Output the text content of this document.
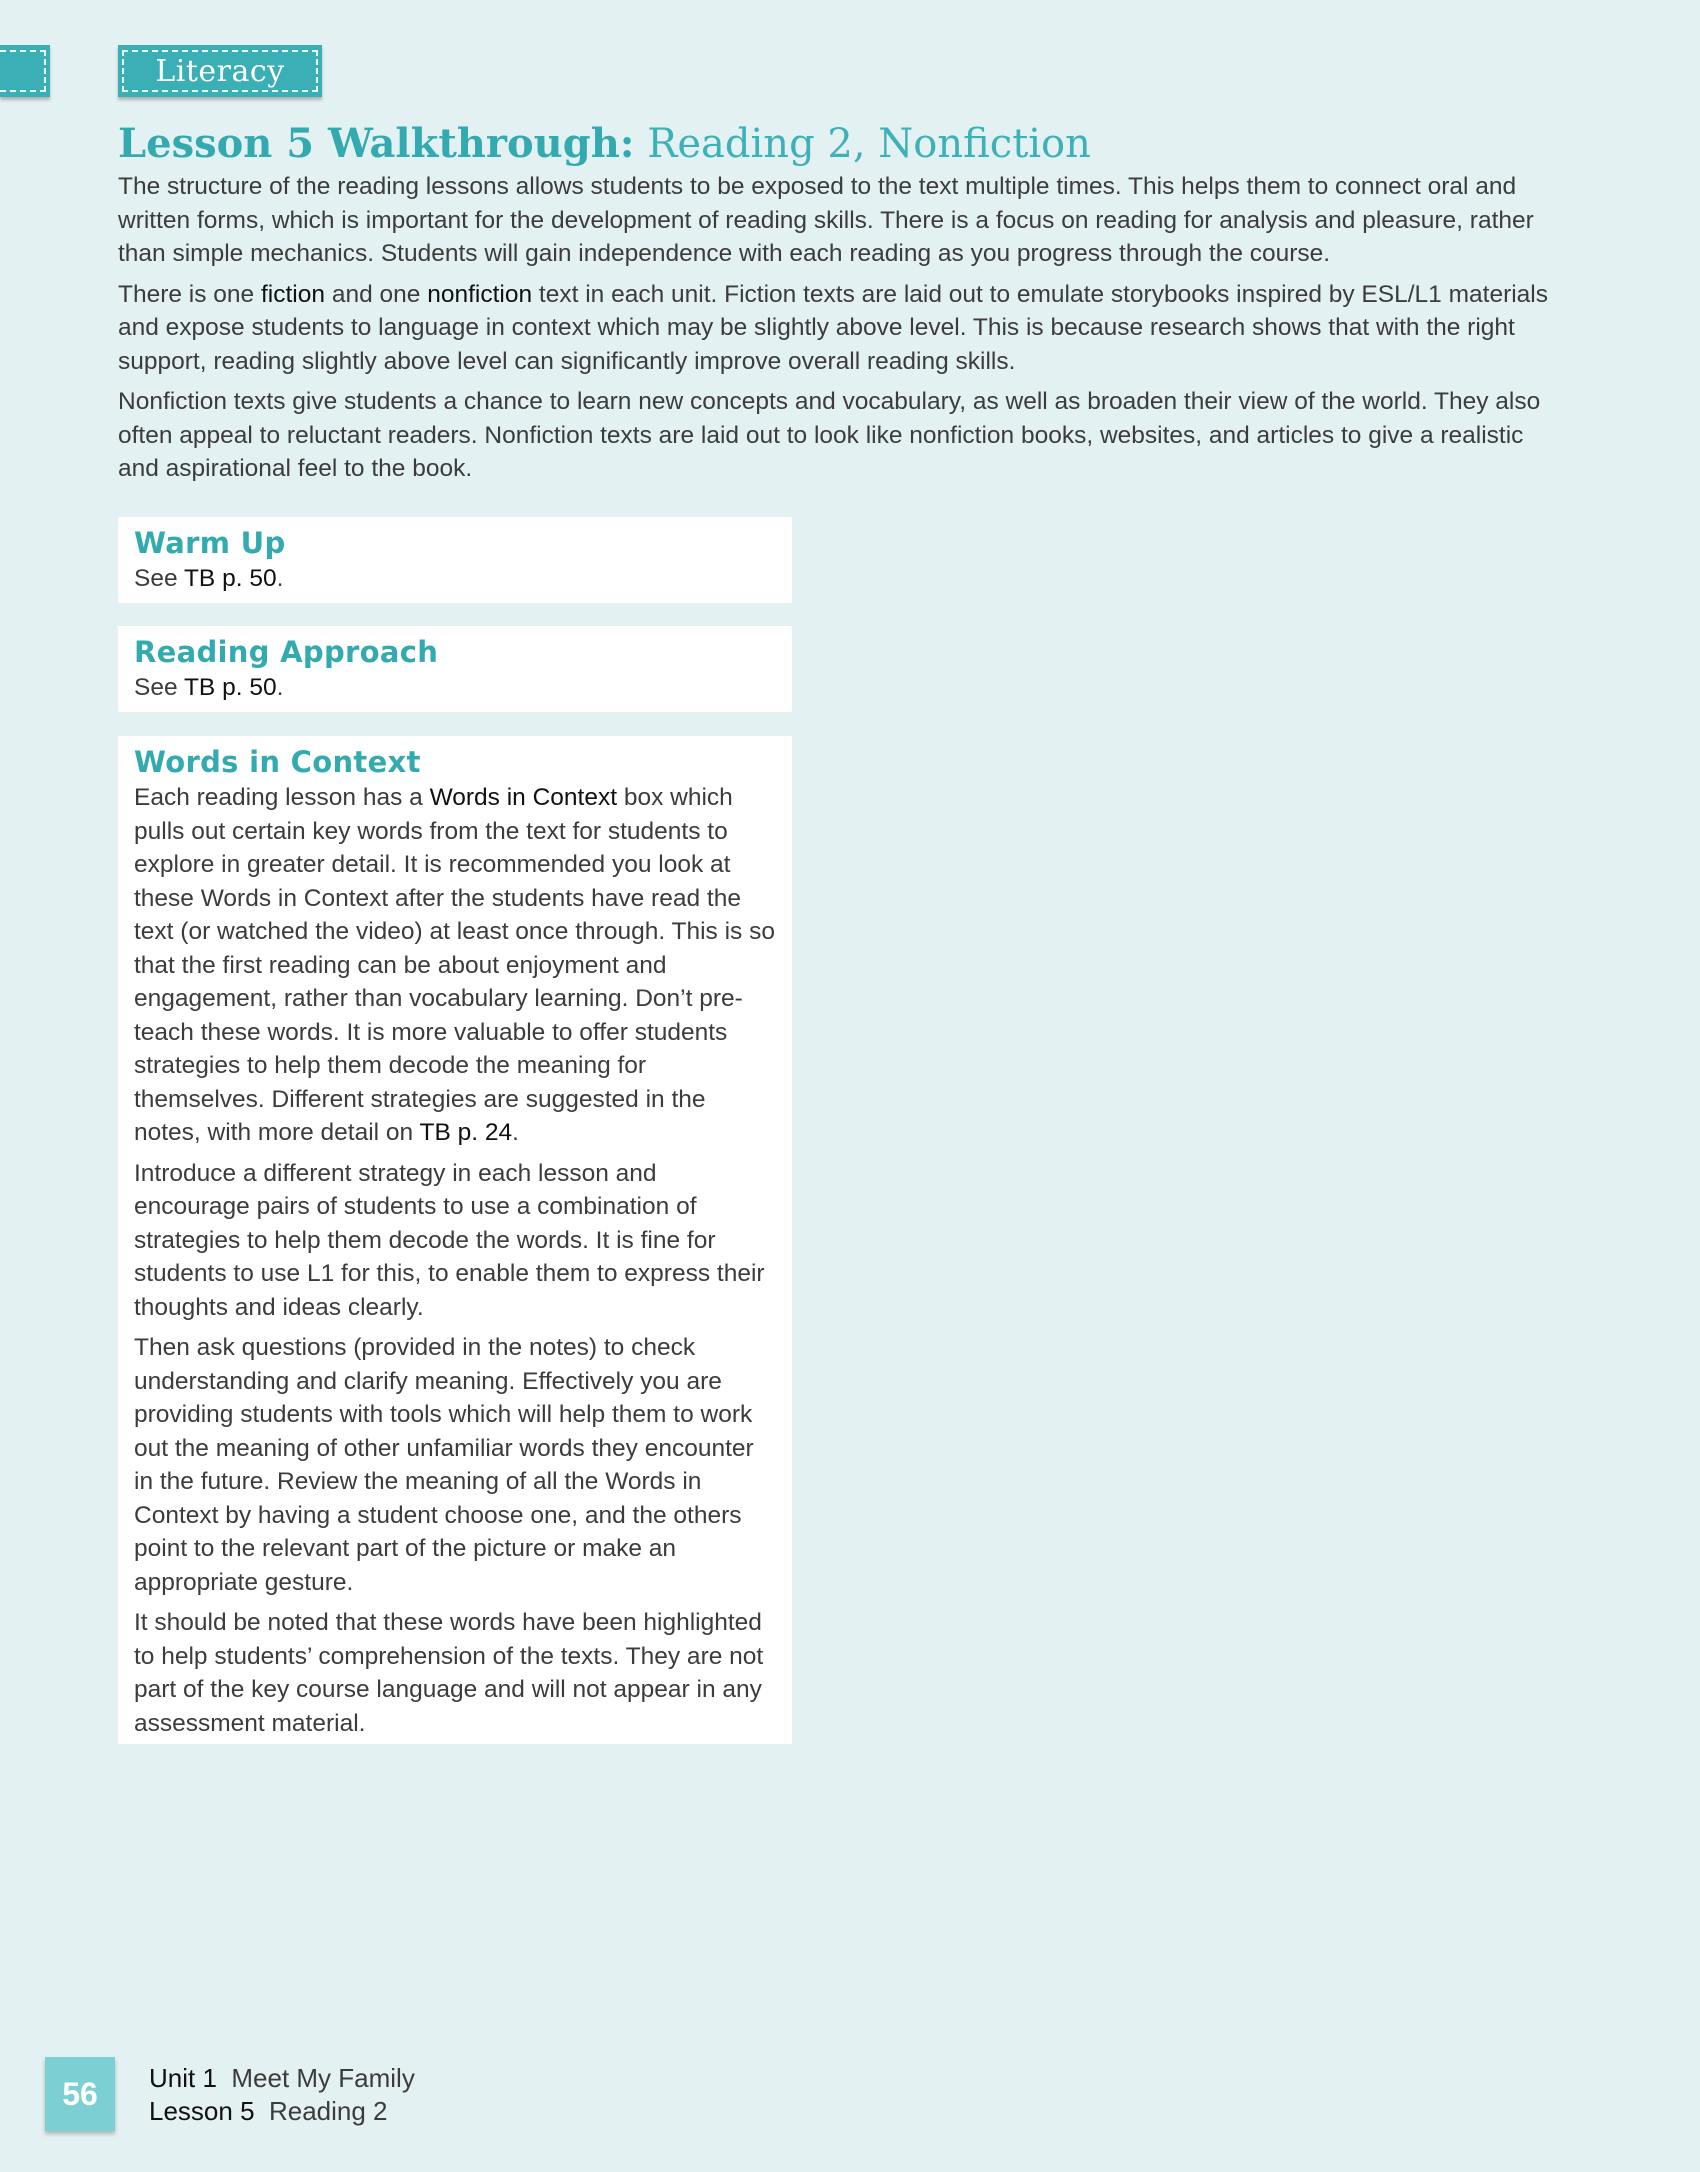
Literacy
Lesson 5 Walkthrough: Reading 2, Nonfiction

The structure of the reading lessons allows students to be exposed to the text multiple times. This helps them to connect oral and written forms, which is important for the development of reading skills. There is a focus on reading for analysis and pleasure, rather than simple mechanics. Students will gain independence with each reading as you progress through the course.

There is one fiction and one nonfiction text in each unit. Fiction texts are laid out to emulate storybooks inspired by ESL/L1 materials and expose students to language in context which may be slightly above level. This is because research shows that with the right support, reading slightly above level can significantly improve overall reading skills.

Nonfiction texts give students a chance to learn new concepts and vocabulary, as well as broaden their view of the world. They also often appeal to reluctant readers. Nonfiction texts are laid out to look like nonfiction books, websites, and articles to give a realistic and aspirational feel to the book.

Warm Up

See TB p. 50.

Reading Approach

See TB p. 50.

Words in Context

Each reading lesson has a Words in Context box which pulls out certain key words from the text for students to explore in greater detail. It is recommended you look at these Words in Context after the students have read the text (or watched the video) at least once through. This is so that the first reading can be about enjoyment and engagement, rather than vocabulary learning. Don’t pre-teach these words. It is more valuable to offer students strategies to help them decode the meaning for themselves. Different strategies are suggested in the notes, with more detail on TB p. 24.

Introduce a different strategy in each lesson and encourage pairs of students to use a combination of strategies to help them decode the words. It is fine for students to use L1 for this, to enable them to express their thoughts and ideas clearly.

Then ask questions (provided in the notes) to check understanding and clarify meaning. Effectively you are providing students with tools which will help them to work out the meaning of other unfamiliar words they encounter in the future. Review the meaning of all the Words in Context by having a student choose one, and the others point to the relevant part of the picture or make an appropriate gesture.

It should be noted that these words have been highlighted to help students’ comprehension of the texts. They are not part of the key course language and will not appear in any assessment material.

56 Unit 1 Meet My Family
Lesson 5 Reading 2
